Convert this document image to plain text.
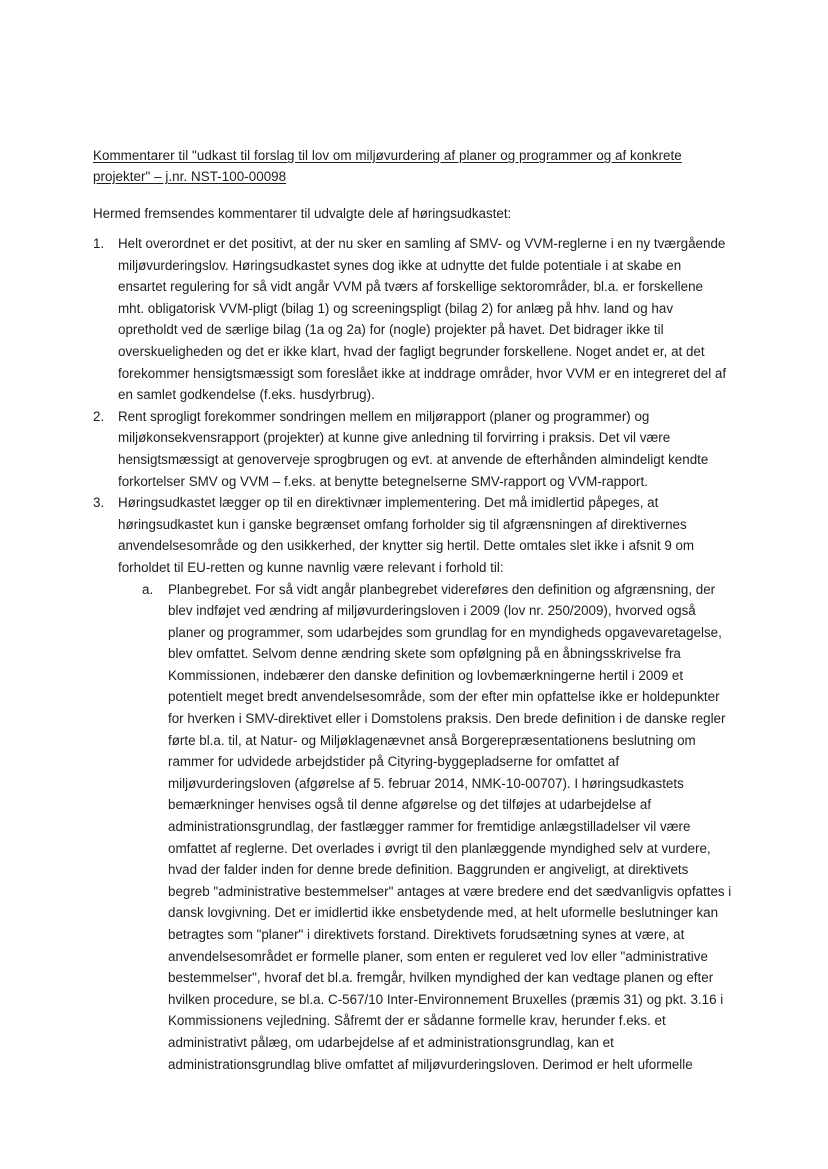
Kommentarer til "udkast til forslag til lov om miljøvurdering af planer og programmer og af konkrete
projekter" – j.nr. NST-100-00098
Hermed fremsendes kommentarer til udvalgte dele af høringsudkastet:
1. Helt overordnet er det positivt, at der nu sker en samling af SMV- og VVM-reglerne i en ny tværgående
miljøvurderingslov. Høringsudkastet synes dog ikke at udnytte det fulde potentiale i at skabe en
ensartet regulering for så vidt angår VVM på tværs af forskellige sektorområder, bl.a. er forskellene
mht. obligatorisk VVM-pligt (bilag 1) og screeningspligt (bilag 2) for anlæg på hhv. land og hav
opretholdt ved de særlige bilag (1a og 2a) for (nogle) projekter på havet. Det bidrager ikke til
overskueligheden og det er ikke klart, hvad der fagligt begrunder forskellene. Noget andet er, at det
forekommer hensigtsmæssigt som foreslået ikke at inddrage områder, hvor VVM er en integreret del af
en samlet godkendelse (f.eks. husdyrbrug).
2. Rent sprogligt forekommer sondringen mellem en miljørapport (planer og programmer) og
miljøkonsekvensrapport (projekter) at kunne give anledning til forvirring i praksis. Det vil være
hensigtsmæssigt at genoverveje sprogbrugen og evt. at anvende de efterhånden almindeligt kendte
forkortelser SMV og VVM – f.eks. at benytte betegnelserne SMV-rapport og VVM-rapport.
3. Høringsudkastet lægger op til en direktivnær implementering. Det må imidlertid påpeges, at
høringsudkastet kun i ganske begrænset omfang forholder sig til afgrænsningen af direktivernes
anvendelsesområde og den usikkerhed, der knytter sig hertil. Dette omtales slet ikke i afsnit 9 om
forholdet til EU-retten og kunne navnlig være relevant i forhold til:
a. Planbegrebet. For så vidt angår planbegrebet videreføres den definition og afgrænsning, der
blev indføjet ved ændring af miljøvurderingsloven i 2009 (lov nr. 250/2009), hvorved også
planer og programmer, som udarbejdes som grundlag for en myndigheds opgavevaretagelse,
blev omfattet. Selvom denne ændring skete som opfølgning på en åbningsskrivelse fra
Kommissionen, indebærer den danske definition og lovbemærkningerne hertil i 2009 et
potentielt meget bredt anvendelsesområde, som der efter min opfattelse ikke er holdepunkter
for hverken i SMV-direktivet eller i Domstolens praksis. Den brede definition i de danske regler
førte bl.a. til, at Natur- og Miljøklagenævnet anså Borgerepræsentationens beslutning om
rammer for udvidede arbejdstider på Cityring-byggepladserne for omfattet af
miljøvurderingsloven (afgørelse af 5. februar 2014, NMK-10-00707). I høringsudkastets
bemærkninger henvises også til denne afgørelse og det tilføjes at udarbejdelse af
administrationsgrundlag, der fastlægger rammer for fremtidige anlægstilladelser vil være
omfattet af reglerne. Det overlades i øvrigt til den planlæggende myndighed selv at vurdere,
hvad der falder inden for denne brede definition. Baggrunden er angiveligt, at direktivets
begreb "administrative bestemmelser" antages at være bredere end det sædvanligvis opfattes i
dansk lovgivning. Det er imidlertid ikke ensbetydende med, at helt uformelle beslutninger kan
betragtes som "planer" i direktivets forstand. Direktivets forudsætning synes at være, at
anvendelsesområdet er formelle planer, som enten er reguleret ved lov eller "administrative
bestemmelser", hvoraf det bl.a. fremgår, hvilken myndighed der kan vedtage planen og efter
hvilken procedure, se bl.a. C-567/10 Inter-Environnement Bruxelles (præmis 31) og pkt. 3.16 i
Kommissionens vejledning. Såfremt der er sådanne formelle krav, herunder f.eks. et
administrativt pålæg, om udarbejdelse af et administrationsgrundlag, kan et
administrationsgrundlag blive omfattet af miljøvurderingsloven. Derimod er helt uformelle
